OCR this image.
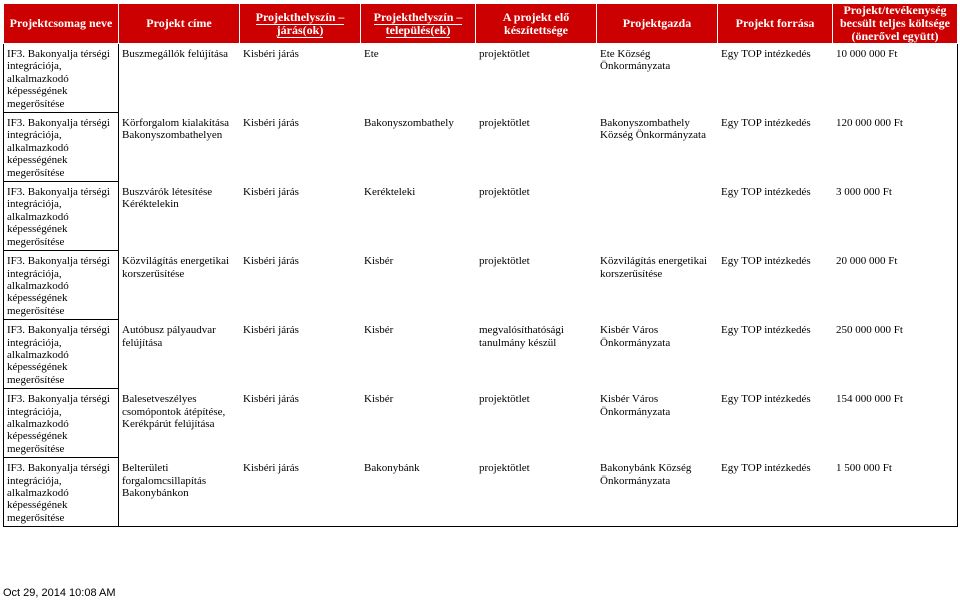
Projektcsomag neve	Projekt címe	Projekthelyszín – járás(ok)	Projekthelyszín – település(ek)	A projekt elő készítettsége	Projektgazda	Projekt forrása	Projekt/tevékenység becsült teljes költsége (önerővel együtt)
IF3. Bakonyalja térségi integrációja, alkalmazkodó képességének megerősítése	Buszmegállók felújítása	Kisbéri járás	Ete	projektötlet	Ete Község Önkormányzata	Egy TOP intézkedés	10 000 000 Ft
IF3. Bakonyalja térségi integrációja, alkalmazkodó képességének megerősítése	Körforgalom kialakítása Bakonyszombathelyen	Kisbéri járás	Bakonyszombathely	projektötlet	Bakonyszombathely Község Önkormányzata	Egy TOP intézkedés	120 000 000 Ft
IF3. Bakonyalja térségi integrációja, alkalmazkodó képességének megerősítése	Buszvárók létesítése Kéréktelekin	Kisbéri járás	Kerékteleki	projektötlet		Egy TOP intézkedés	3 000 000 Ft
IF3. Bakonyalja térségi integrációja, alkalmazkodó képességének megerősítése	Közvilágítás energetikai korszerűsítése	Kisbéri járás	Kisbér	projektötlet	Közvilágítás energetikai korszerűsítése	Egy TOP intézkedés	20 000 000 Ft
IF3. Bakonyalja térségi integrációja, alkalmazkodó képességének megerősítése	Autóbusz pályaudvar felújítása	Kisbéri járás	Kisbér	megvalósíthatósági tanulmány készül	Kisbér Város Önkormányzata	Egy TOP intézkedés	250 000 000 Ft
IF3. Bakonyalja térségi integrációja, alkalmazkodó képességének megerősítése	Balesetveszélyes csomópontok átépítése, Kerékpárút felújítása	Kisbéri járás	Kisbér	projektötlet	Kisbér Város Önkormányzata	Egy TOP intézkedés	154 000 000 Ft
IF3. Bakonyalja térségi integrációja, alkalmazkodó képességének megerősítése	Belterületi forgalomcsillapítás Bakonybánkon	Kisbéri járás	Bakonybánk	projektötlet	Bakonybánk Község Önkormányzata	Egy TOP intézkedés	1 500 000 Ft
Oct 29, 2014 10:08 AM
